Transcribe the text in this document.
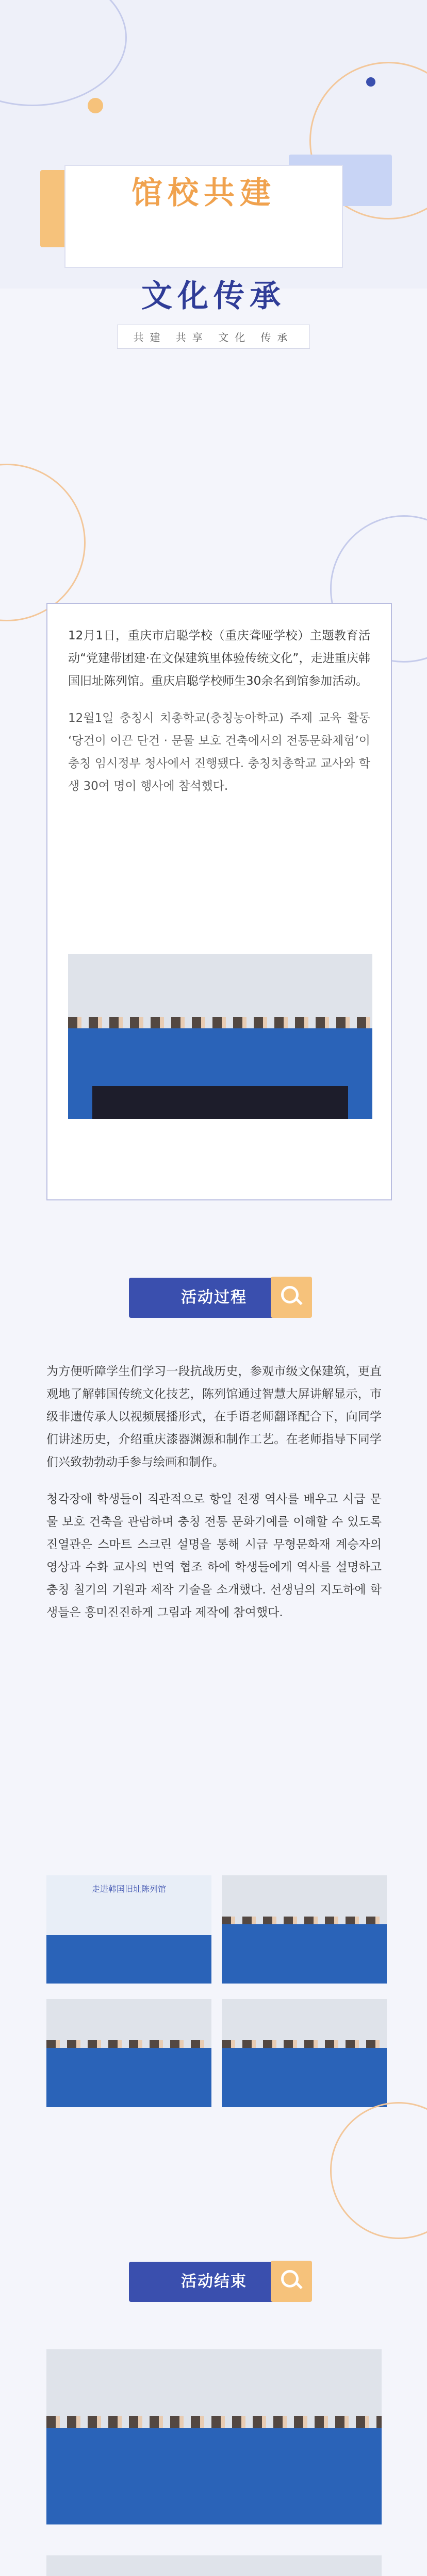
馆校共建
文化传承
共建 共享 文化 传承

12月1日，重庆市启聪学校（重庆聋哑学校）主题教育活动“党建带团建·在文保建筑里体验传统文化”，走进重庆韩国旧址陈列馆。重庆启聪学校师生30余名到馆参加活动。

12월1일 충칭시 치총학교(충칭농아학교) 주제 교육 활동 ‘당건이 이끈 단건 · 문물 보호 건축에서의 전통문화체험’이 충칭 임시정부 청사에서 진행됐다. 충칭치총학교 교사와 학생 30여 명이 행사에 참석했다.

活动过程

为方便听障学生们学习一段抗战历史，参观市级文保建筑，更直观地了解韩国传统文化技艺，陈列馆通过智慧大屏讲解显示，市级非遗传承人以视频展播形式，在手语老师翻译配合下，向同学们讲述历史，介绍重庆漆器渊源和制作工艺。在老师指导下同学们兴致勃勃动手参与绘画和制作。

청각장애 학생들이 직관적으로 항일 전쟁 역사를 배우고 시급 문물 보호 건축을 관람하며 충칭 전통 문화기예를 이해할 수 있도록 진열관은 스마트 스크린 설명을 통해 시급 무형문화재 계승자의 영상과 수화 교사의 번역 협조 하에 학생들에게 역사를 설명하고 충칭 칠기의 기원과 제작 기술을 소개했다. 선생님의 지도하에 학생들은 흥미진진하게 그림과 제작에 참여했다.

走进韩国旧址陈列馆
活动结束
